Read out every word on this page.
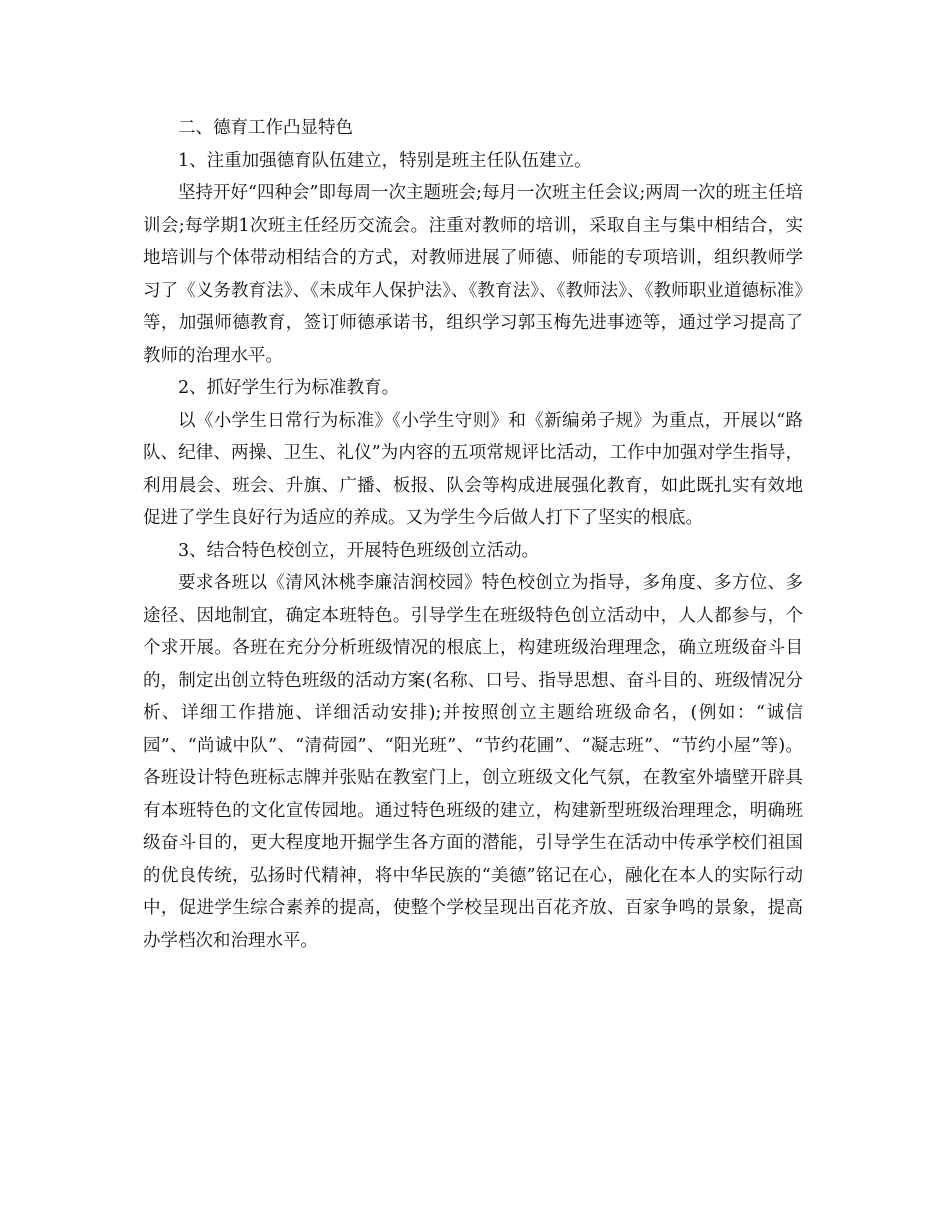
二、德育工作凸显特色

1、注重加强德育队伍建立，特别是班主任队伍建立。

坚持开好“四种会”即每周一次主题班会;每月一次班主任会议;两周一次的班主任培训会;每学期1次班主任经历交流会。注重对教师的培训，采取自主与集中相结合，实地培训与个体带动相结合的方式，对教师进展了师德、师能的专项培训，组织教师学习了《义务教育法》、《未成年人保护法》、《教育法》、《教师法》、《教师职业道德标准》等，加强师德教育，签订师德承诺书，组织学习郭玉梅先进事迹等，通过学习提高了教师的治理水平。

2、抓好学生行为标准教育。

以《小学生日常行为标准》《小学生守则》和《新编弟子规》为重点，开展以“路队、纪律、两操、卫生、礼仪”为内容的五项常规评比活动，工作中加强对学生指导，利用晨会、班会、升旗、广播、板报、队会等构成进展强化教育，如此既扎实有效地促进了学生良好行为适应的养成。又为学生今后做人打下了坚实的根底。

3、结合特色校创立，开展特色班级创立活动。

要求各班以《清风沐桃李廉洁润校园》特色校创立为指导，多角度、多方位、多途径、因地制宜，确定本班特色。引导学生在班级特色创立活动中，人人都参与，个个求开展。各班在充分分析班级情况的根底上，构建班级治理理念，确立班级奋斗目的，制定出创立特色班级的活动方案(名称、口号、指导思想、奋斗目的、班级情况分析、详细工作措施、详细活动安排);并按照创立主题给班级命名，(例如：“诚信园”、“尚诚中队”、“清荷园”、“阳光班”、“节约花圃”、“凝志班”、“节约小屋”等)。各班设计特色班标志牌并张贴在教室门上，创立班级文化气氛，在教室外墙壁开辟具有本班特色的文化宣传园地。通过特色班级的建立，构建新型班级治理理念，明确班级奋斗目的，更大程度地开掘学生各方面的潜能，引导学生在活动中传承学校们祖国的优良传统，弘扬时代精神，将中华民族的“美德”铭记在心，融化在本人的实际行动中，促进学生综合素养的提高，使整个学校呈现出百花齐放、百家争鸣的景象，提高办学档次和治理水平。
